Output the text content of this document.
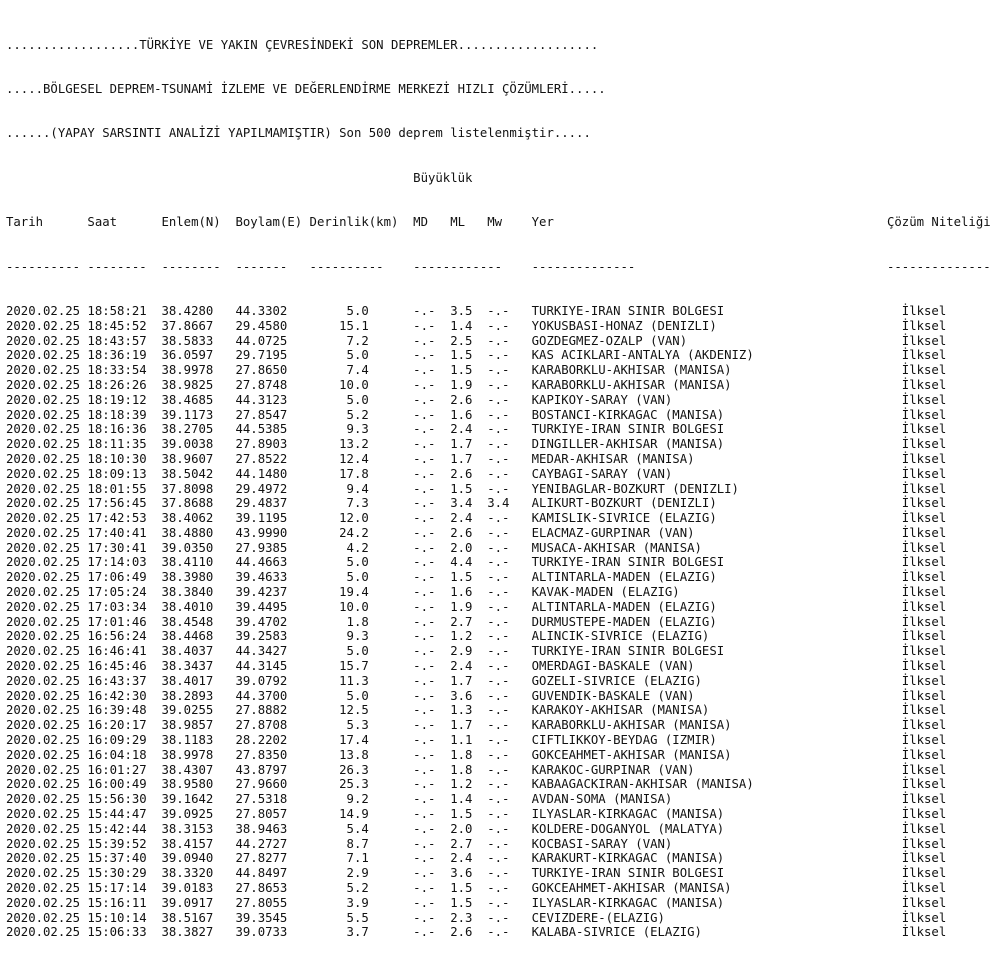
..................TÜRKİYE VE YAKIN ÇEVRESİNDEKİ SON DEPREMLER...................

.....BÖLGESEL DEPREM-TSUNAMİ İZLEME VE DEĞERLENDİRME MERKEZİ HIZLI ÇÖZÜMLERİ.....

......(YAPAY SARSINTI ANALİZİ YAPILMAMIŞTIR) Son 500 deprem listelenmiştir.....

Büyüklük

Tarih      Saat      Enlem(N)  Boylam(E) Derinlik(km)  MD   ML   Mw    Yer                                             Çözüm Niteliği

---------- --------  --------  -------   ----------    ------------    --------------                                  --------------

2020.02.25 18:58:21  38.4280   44.3302        5.0      -.-  3.5  -.-   TURKIYE-IRAN SINIR BOLGESI                        İlksel
2020.02.25 18:45:52  37.8667   29.4580       15.1      -.-  1.4  -.-   YOKUSBASI-HONAZ (DENIZLI)                         İlksel
2020.02.25 18:43:57  38.5833   44.0725        7.2      -.-  2.5  -.-   GOZDEGMEZ-OZALP (VAN)                             İlksel
2020.02.25 18:36:19  36.0597   29.7195        5.0      -.-  1.5  -.-   KAS ACIKLARI-ANTALYA (AKDENIZ)                    İlksel
2020.02.25 18:33:54  38.9978   27.8650        7.4      -.-  1.5  -.-   KARABORKLU-AKHISAR (MANISA)                       İlksel
2020.02.25 18:26:26  38.9825   27.8748       10.0      -.-  1.9  -.-   KARABORKLU-AKHISAR (MANISA)                       İlksel
2020.02.25 18:19:12  38.4685   44.3123        5.0      -.-  2.6  -.-   KAPIKOY-SARAY (VAN)                               İlksel
2020.02.25 18:18:39  39.1173   27.8547        5.2      -.-  1.6  -.-   BOSTANCI-KIRKAGAC (MANISA)                        İlksel
2020.02.25 18:16:36  38.2705   44.5385        9.3      -.-  2.4  -.-   TURKIYE-IRAN SINIR BOLGESI                        İlksel
2020.02.25 18:11:35  39.0038   27.8903       13.2      -.-  1.7  -.-   DINGILLER-AKHISAR (MANISA)                        İlksel
2020.02.25 18:10:30  38.9607   27.8522       12.4      -.-  1.7  -.-   MEDAR-AKHISAR (MANISA)                            İlksel
2020.02.25 18:09:13  38.5042   44.1480       17.8      -.-  2.6  -.-   CAYBAGI-SARAY (VAN)                               İlksel
2020.02.25 18:01:55  37.8098   29.4972        9.4      -.-  1.5  -.-   YENIBAGLAR-BOZKURT (DENIZLI)                      İlksel
2020.02.25 17:56:45  37.8688   29.4837        7.3      -.-  3.4  3.4   ALIKURT-BOZKURT (DENIZLI)                         İlksel
2020.02.25 17:42:53  38.4062   39.1195       12.0      -.-  2.4  -.-   KAMISLIK-SIVRICE (ELAZIG)                         İlksel
2020.02.25 17:40:41  38.4880   43.9990       24.2      -.-  2.6  -.-   ELACMAZ-GURPINAR (VAN)                            İlksel
2020.02.25 17:30:41  39.0350   27.9385        4.2      -.-  2.0  -.-   MUSACA-AKHISAR (MANISA)                           İlksel
2020.02.25 17:14:03  38.4110   44.4663        5.0      -.-  4.4  -.-   TURKIYE-IRAN SINIR BOLGESI                        İlksel
2020.02.25 17:06:49  38.3980   39.4633        5.0      -.-  1.5  -.-   ALTINTARLA-MADEN (ELAZIG)                         İlksel
2020.02.25 17:05:24  38.3840   39.4237       19.4      -.-  1.6  -.-   KAVAK-MADEN (ELAZIG)                              İlksel
2020.02.25 17:03:34  38.4010   39.4495       10.0      -.-  1.9  -.-   ALTINTARLA-MADEN (ELAZIG)                         İlksel
2020.02.25 17:01:46  38.4548   39.4702        1.8      -.-  2.7  -.-   DURMUSTEPE-MADEN (ELAZIG)                         İlksel
2020.02.25 16:56:24  38.4468   39.2583        9.3      -.-  1.2  -.-   ALINCIK-SIVRICE (ELAZIG)                          İlksel
2020.02.25 16:46:41  38.4037   44.3427        5.0      -.-  2.9  -.-   TURKIYE-IRAN SINIR BOLGESI                        İlksel
2020.02.25 16:45:46  38.3437   44.3145       15.7      -.-  2.4  -.-   OMERDAGI-BASKALE (VAN)                            İlksel
2020.02.25 16:43:37  38.4017   39.0792       11.3      -.-  1.7  -.-   GOZELI-SIVRICE (ELAZIG)                           İlksel
2020.02.25 16:42:30  38.2893   44.3700        5.0      -.-  3.6  -.-   GUVENDIK-BASKALE (VAN)                            İlksel
2020.02.25 16:39:48  39.0255   27.8882       12.5      -.-  1.3  -.-   KARAKOY-AKHISAR (MANISA)                          İlksel
2020.02.25 16:20:17  38.9857   27.8708        5.3      -.-  1.7  -.-   KARABORKLU-AKHISAR (MANISA)                       İlksel
2020.02.25 16:09:29  38.1183   28.2202       17.4      -.-  1.1  -.-   CIFTLIKKOY-BEYDAG (IZMIR)                         İlksel
2020.02.25 16:04:18  38.9978   27.8350       13.8      -.-  1.8  -.-   GOKCEAHMET-AKHISAR (MANISA)                       İlksel
2020.02.25 16:01:27  38.4307   43.8797       26.3      -.-  1.8  -.-   KARAKOC-GURPINAR (VAN)                            İlksel
2020.02.25 16:00:49  38.9580   27.9660       25.3      -.-  1.2  -.-   KABAAGACKIRAN-AKHISAR (MANISA)                    İlksel
2020.02.25 15:56:30  39.1642   27.5318        9.2      -.-  1.4  -.-   AVDAN-SOMA (MANISA)                               İlksel
2020.02.25 15:44:47  39.0925   27.8057       14.9      -.-  1.5  -.-   ILYASLAR-KIRKAGAC (MANISA)                        İlksel
2020.02.25 15:42:44  38.3153   38.9463        5.4      -.-  2.0  -.-   KOLDERE-DOGANYOL (MALATYA)                        İlksel
2020.02.25 15:39:52  38.4157   44.2727        8.7      -.-  2.7  -.-   KOCBASI-SARAY (VAN)                               İlksel
2020.02.25 15:37:40  39.0940   27.8277        7.1      -.-  2.4  -.-   KARAKURT-KIRKAGAC (MANISA)                        İlksel
2020.02.25 15:30:29  38.3320   44.8497        2.9      -.-  3.6  -.-   TURKIYE-IRAN SINIR BOLGESI                        İlksel
2020.02.25 15:17:14  39.0183   27.8653        5.2      -.-  1.5  -.-   GOKCEAHMET-AKHISAR (MANISA)                       İlksel
2020.02.25 15:16:11  39.0917   27.8055        3.9      -.-  1.5  -.-   ILYASLAR-KIRKAGAC (MANISA)                        İlksel
2020.02.25 15:10:14  38.5167   39.3545        5.5      -.-  2.3  -.-   CEVIZDERE-(ELAZIG)                                İlksel
2020.02.25 15:06:33  38.3827   39.0733        3.7      -.-  2.6  -.-   KALABA-SIVRICE (ELAZIG)                           İlksel
